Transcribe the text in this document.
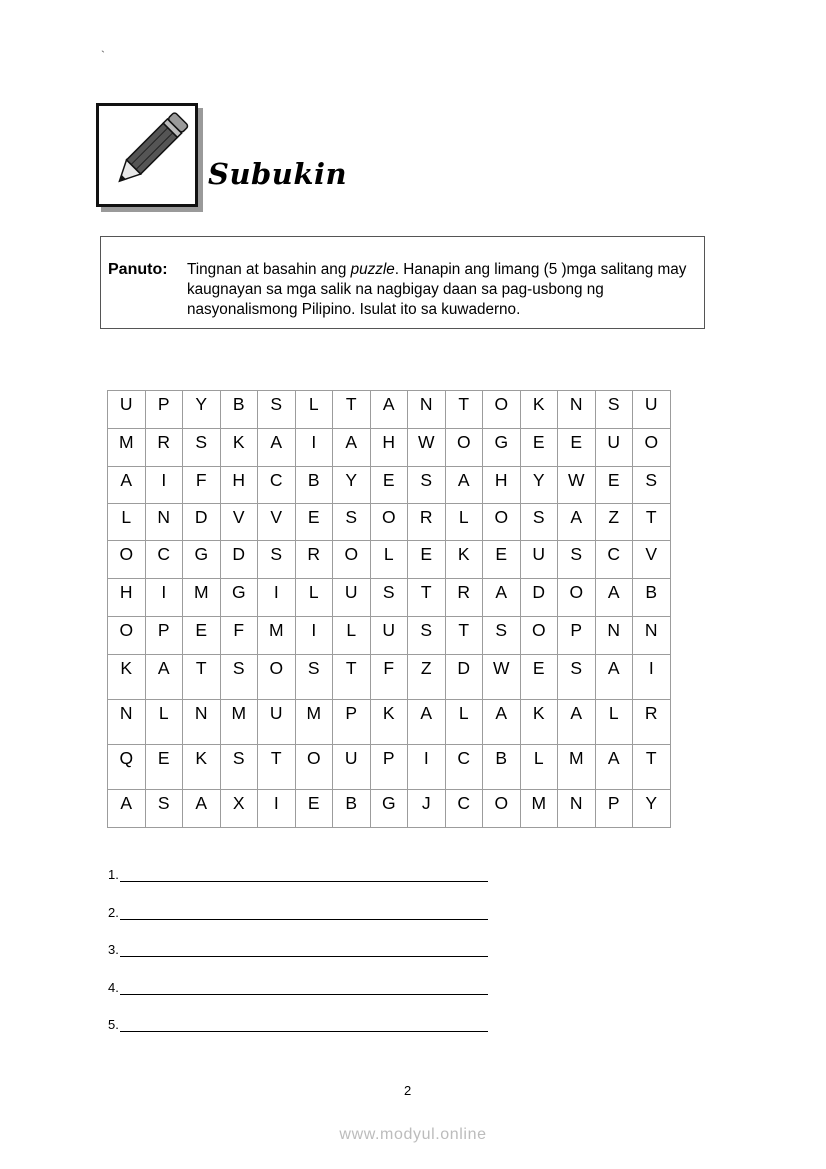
`
Subukin
Panuto: Tingnan at basahin ang puzzle. Hanapin ang limang (5 )mga salitang may kaugnayan sa mga salik na nagbigay daan sa pag-usbong ng nasyonalismong Pilipino. Isulat ito sa kuwaderno.
U	P	Y	B	S	L	T	A	N	T	O	K	N	S	U
M	R	S	K	A	I	A	H	W	O	G	E	E	U	O
A	I	F	H	C	B	Y	E	S	A	H	Y	W	E	S
L	N	D	V	V	E	S	O	R	L	O	S	A	Z	T
O	C	G	D	S	R	O	L	E	K	E	U	S	C	V
H	I	M	G	I	L	U	S	T	R	A	D	O	A	B
O	P	E	F	M	I	L	U	S	T	S	O	P	N	N
K	A	T	S	O	S	T	F	Z	D	W	E	S	A	I
N	L	N	M	U	M	P	K	A	L	A	K	A	L	R
Q	E	K	S	T	O	U	P	I	C	B	L	M	A	T
A	S	A	X	I	E	B	G	J	C	O	M	N	P	Y
1.
2.
3.
4.
5.
2
www.modyul.online
